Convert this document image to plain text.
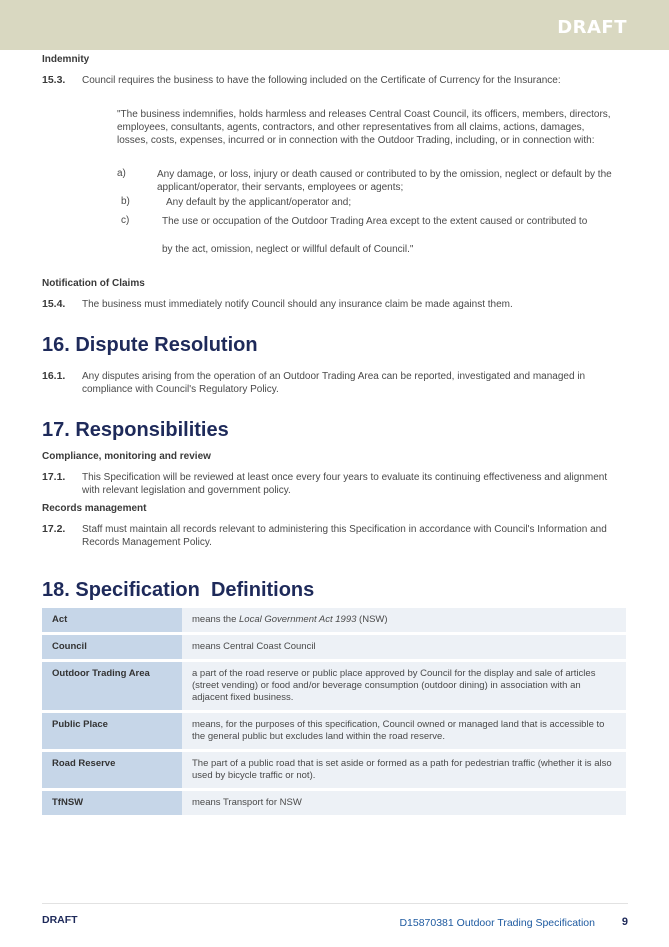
DRAFT
Indemnity
15.3. Council requires the business to have the following included on the Certificate of Currency for the Insurance:
"The business indemnifies, holds harmless and releases Central Coast Council, its officers, members, directors, employees, consultants, agents, contractors, and other representatives from all claims, actions, damages, losses, costs, expenses, incurred or in connection with the Outdoor Trading, including, or in connection with:
a)	Any damage, or loss, injury or death caused or contributed to by the omission, neglect or default by the applicant/operator, their servants, employees or agents;
b)	Any default by the applicant/operator and;
c)	The use or occupation of the Outdoor Trading Area except to the extent caused or contributed to
by the act, omission, neglect or willful default of Council."
Notification of Claims
15.4. The business must immediately notify Council should any insurance claim be made against them.
16. Dispute Resolution
16.1. Any disputes arising from the operation of an Outdoor Trading Area can be reported, investigated and managed in compliance with Council's Regulatory Policy.
17. Responsibilities
Compliance, monitoring and review
17.1. This Specification will be reviewed at least once every four years to evaluate its continuing effectiveness and alignment with relevant legislation and government policy.
Records management
17.2. Staff must maintain all records relevant to administering this Specification in accordance with Council's Information and Records Management Policy.
18. Specification  Definitions
Act	means the Local Government Act 1993 (NSW)
Council	means Central Coast Council
Outdoor Trading Area	a part of the road reserve or public place approved by Council for the display and sale of articles (street vending) or food and/or beverage consumption (outdoor dining) in association with an adjacent fixed business.
Public Place	means, for the purposes of this specification, Council owned or managed land that is accessible to the general public but excludes land within the road reserve.
Road Reserve	The part of a public road that is set aside or formed as a path for pedestrian traffic (whether it is also used by bicycle traffic or not).
TfNSW	means Transport for NSW
DRAFT	D15870381 Outdoor Trading Specification 9
